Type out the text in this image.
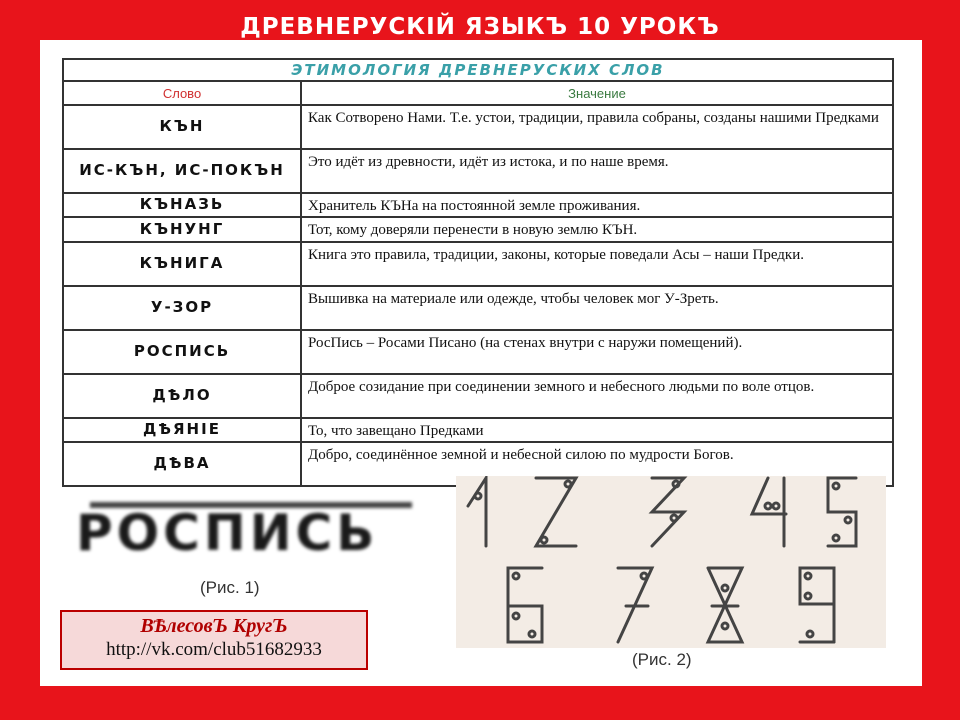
ДРЕВНЕРУСКІЙ ЯЗЫКЪ 10 УРОКЪ
ЭТИМОЛОГИЯ ДРЕВНЕРУСКИХ СЛОВ	
Слово	Значение
КЪН	Как Сотворено Нами. Т.е. устои, традиции, правила собраны, созданы нашими Предками
ИС-КЪН, ИС-ПОКЪН	Это идёт из древности, идёт из истока, и по наше время.
КЪНАЗЬ	Хранитель КЪНа на постоянной земле проживания.
КЪНУНГ	Тот, кому доверяли перенести в новую землю КЪН.
КЪНИГА	Книга это правила, традиции, законы, которые поведали Асы – наши Предки.
У-ЗОР	Вышивка на материале или одежде, чтобы человек мог У-Зреть.
РОСПИСЬ	РосПись – Росами Писано (на стенах внутри с наружи помещений).
ДѢЛО	Доброе созидание при соединении земного и небесного людьми по воле отцов.
ДѢЯНІЕ	То, что завещано Предками
ДѢВА	Добро, соединённое земной и небесной силою по мудрости Богов.
РОСПИСЬ
(Рис. 1)
(Рис. 2)
ВѢлесовЪ КругЪ
http://vk.com/club51682933
